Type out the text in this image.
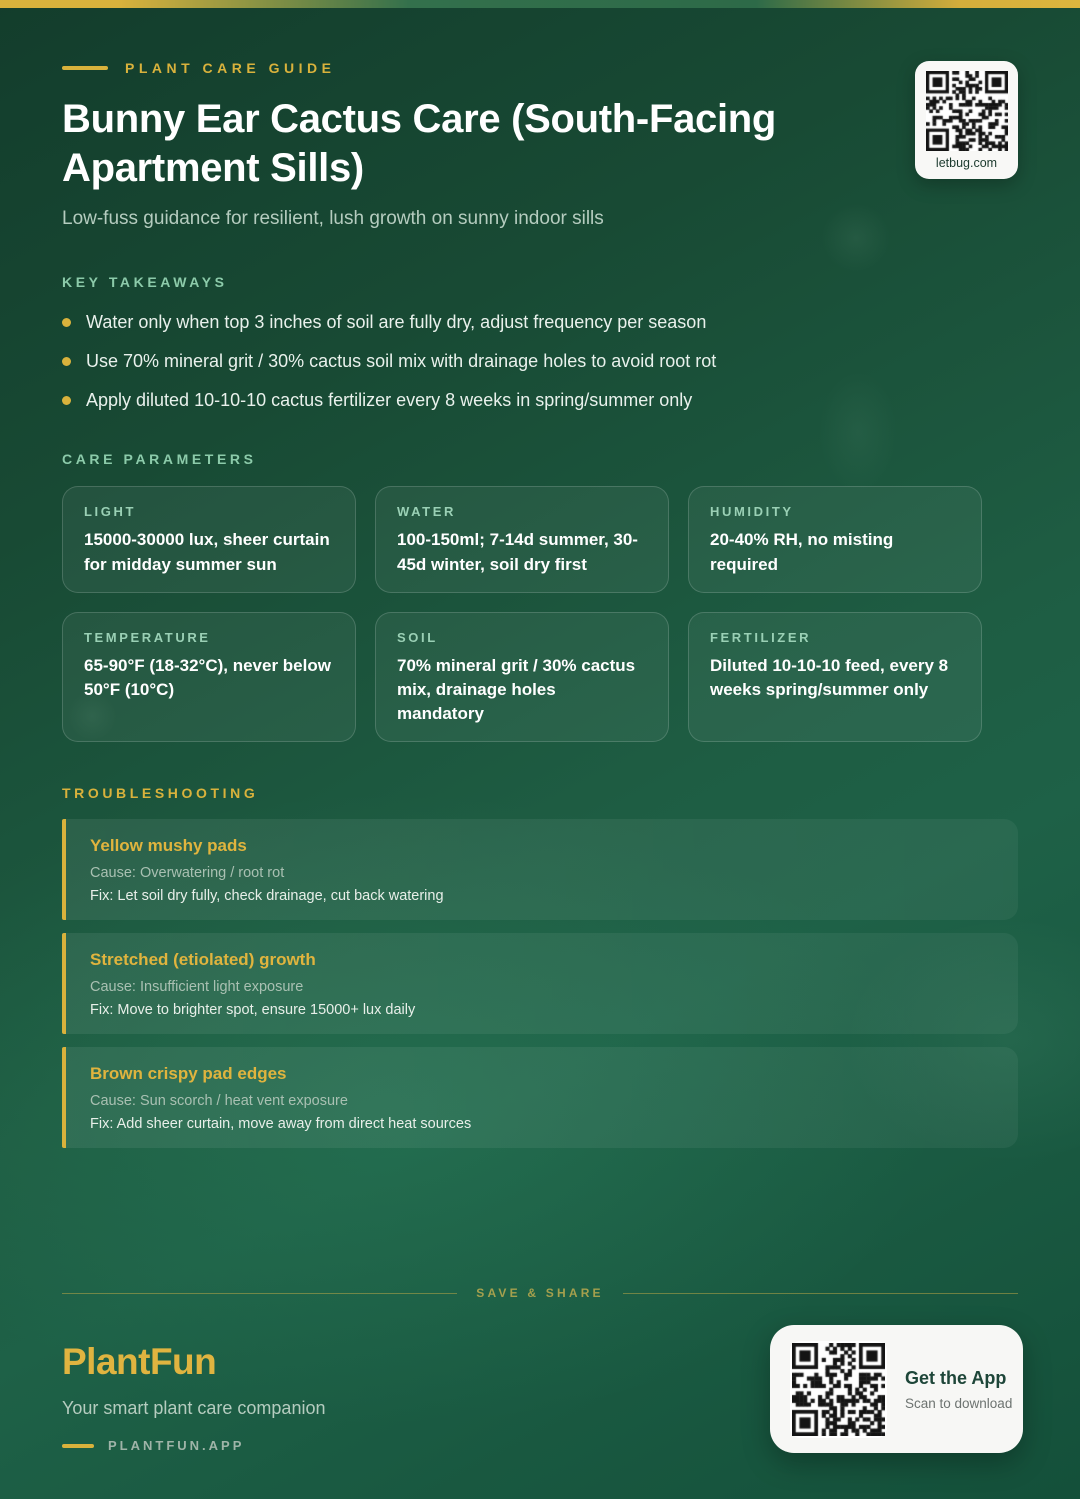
PLANT CARE GUIDE
Bunny Ear Cactus Care (South-Facing Apartment Sills)
Low-fuss guidance for resilient, lush growth on sunny indoor sills
letbug.com
KEY TAKEAWAYS
Water only when top 3 inches of soil are fully dry, adjust frequency per season
Use 70% mineral grit / 30% cactus soil mix with drainage holes to avoid root rot
Apply diluted 10-10-10 cactus fertilizer every 8 weeks in spring/summer only
CARE PARAMETERS
LIGHT
15000-30000 lux, sheer curtain for midday summer sun
WATER
100-150ml; 7-14d summer, 30-45d winter, soil dry first
HUMIDITY
20-40% RH, no misting required
TEMPERATURE
65-90°F (18-32°C), never below 50°F (10°C)
SOIL
70% mineral grit / 30% cactus mix, drainage holes mandatory
FERTILIZER
Diluted 10-10-10 feed, every 8 weeks spring/summer only
TROUBLESHOOTING
Yellow mushy pads
Cause: Overwatering / root rot
Fix: Let soil dry fully, check drainage, cut back watering
Stretched (etiolated) growth
Cause: Insufficient light exposure
Fix: Move to brighter spot, ensure 15000+ lux daily
Brown crispy pad edges
Cause: Sun scorch / heat vent exposure
Fix: Add sheer curtain, move away from direct heat sources
SAVE & SHARE
PlantFun
Your smart plant care companion
PLANTFUN.APP
Get the App
Scan to download
